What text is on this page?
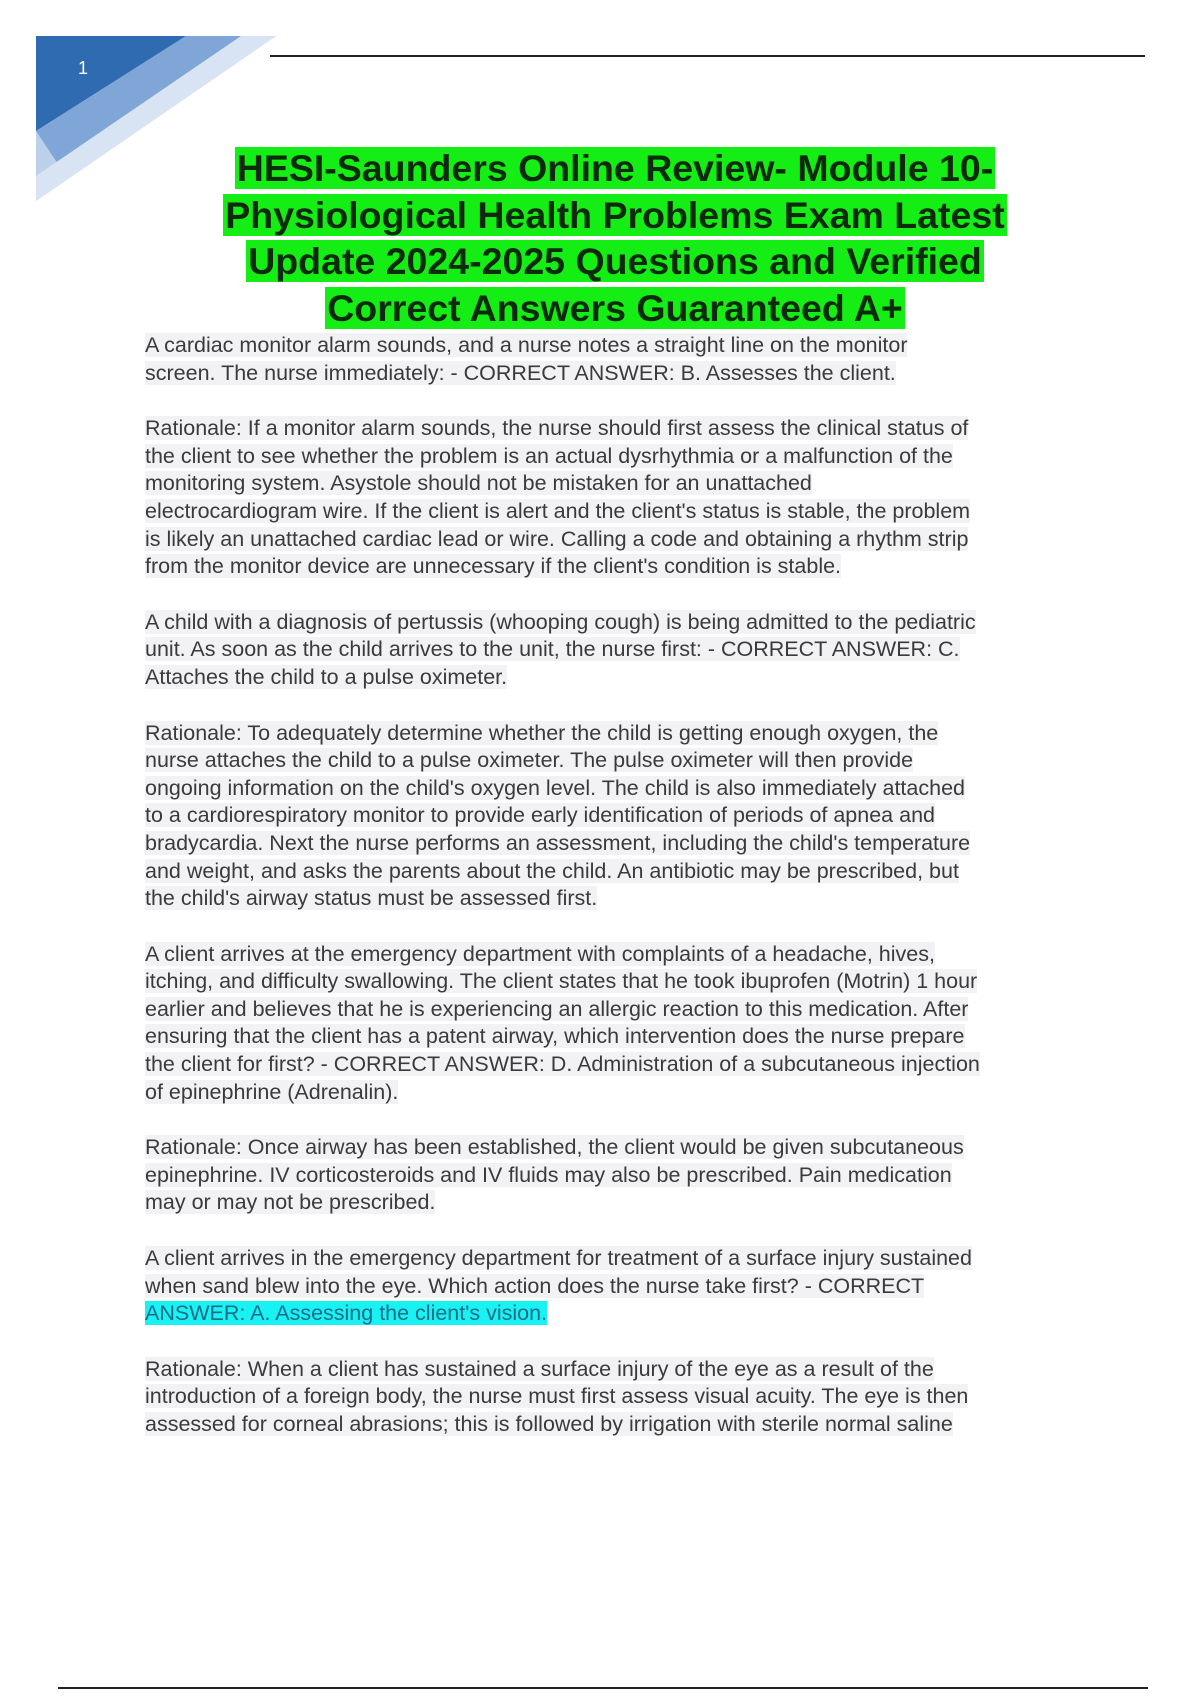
1
HESI-Saunders Online Review- Module 10-
Physiological Health Problems Exam Latest
Update 2024-2025 Questions and Verified
Correct Answers Guaranteed A+

A cardiac monitor alarm sounds, and a nurse notes a straight line on the monitor
screen. The nurse immediately: - CORRECT ANSWER: B. Assesses the client.

Rationale: If a monitor alarm sounds, the nurse should first assess the clinical status of
the client to see whether the problem is an actual dysrhythmia or a malfunction of the
monitoring system. Asystole should not be mistaken for an unattached
electrocardiogram wire. If the client is alert and the client's status is stable, the problem
is likely an unattached cardiac lead or wire. Calling a code and obtaining a rhythm strip
from the monitor device are unnecessary if the client's condition is stable.

A child with a diagnosis of pertussis (whooping cough) is being admitted to the pediatric
unit. As soon as the child arrives to the unit, the nurse first: - CORRECT ANSWER: C.
Attaches the child to a pulse oximeter.

Rationale: To adequately determine whether the child is getting enough oxygen, the
nurse attaches the child to a pulse oximeter. The pulse oximeter will then provide
ongoing information on the child's oxygen level. The child is also immediately attached
to a cardiorespiratory monitor to provide early identification of periods of apnea and
bradycardia. Next the nurse performs an assessment, including the child's temperature
and weight, and asks the parents about the child. An antibiotic may be prescribed, but
the child's airway status must be assessed first.

A client arrives at the emergency department with complaints of a headache, hives,
itching, and difficulty swallowing. The client states that he took ibuprofen (Motrin) 1 hour
earlier and believes that he is experiencing an allergic reaction to this medication. After
ensuring that the client has a patent airway, which intervention does the nurse prepare
the client for first? - CORRECT ANSWER: D. Administration of a subcutaneous injection
of epinephrine (Adrenalin).

Rationale: Once airway has been established, the client would be given subcutaneous
epinephrine. IV corticosteroids and IV fluids may also be prescribed. Pain medication
may or may not be prescribed.

A client arrives in the emergency department for treatment of a surface injury sustained
when sand blew into the eye. Which action does the nurse take first? - CORRECT
ANSWER: A. Assessing the client's vision.

Rationale: When a client has sustained a surface injury of the eye as a result of the
introduction of a foreign body, the nurse must first assess visual acuity. The eye is then
assessed for corneal abrasions; this is followed by irrigation with sterile normal saline
